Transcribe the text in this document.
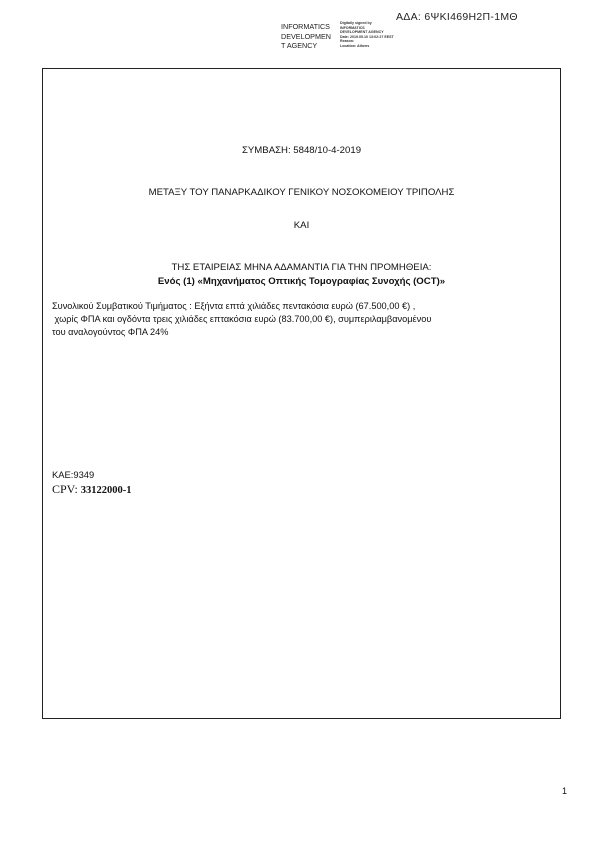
ΑΔΑ: 6ΨΚΙ469Η2Π-1ΜΘ
INFORMATICS
DEVELOPMEN
T AGENCY
Digitally signed by
INFORMATICS
DEVELOPMENT AGENCY
Date: 2019.05.10 13:02:27 EEST
Reason:
Location: Athens
ΣΥΜΒΑΣΗ: 5848/10-4-2019
ΜΕΤΑΞΥ ΤΟΥ ΠΑΝΑΡΚΑΔΙΚΟΥ ΓΕΝΙΚΟΥ ΝΟΣΟΚΟΜΕΙΟΥ ΤΡΙΠΟΛΗΣ
ΚΑΙ
ΤΗΣ ΕΤΑΙΡΕΙΑΣ ΜΗΝΑ ΑΔΑΜΑΝΤΙΑ ΓΙΑ ΤΗΝ ΠΡΟΜΗΘΕΙΑ:
Ενός (1) «Μηχανήματος Οπτικής Τομογραφίας Συνοχής (OCT)»
Συνολικού Συμβατικού Τιμήματος : Εξήντα επτά χιλιάδες πεντακόσια ευρώ (67.500,00 €) ,
χωρίς ΦΠΑ και ογδόντα τρεις χιλιάδες επτακόσια ευρώ (83.700,00 €), συμπεριλαμβανομένου
του αναλογούντος ΦΠΑ 24%
ΚΑΕ:9349
CPV: 33122000-1
1
